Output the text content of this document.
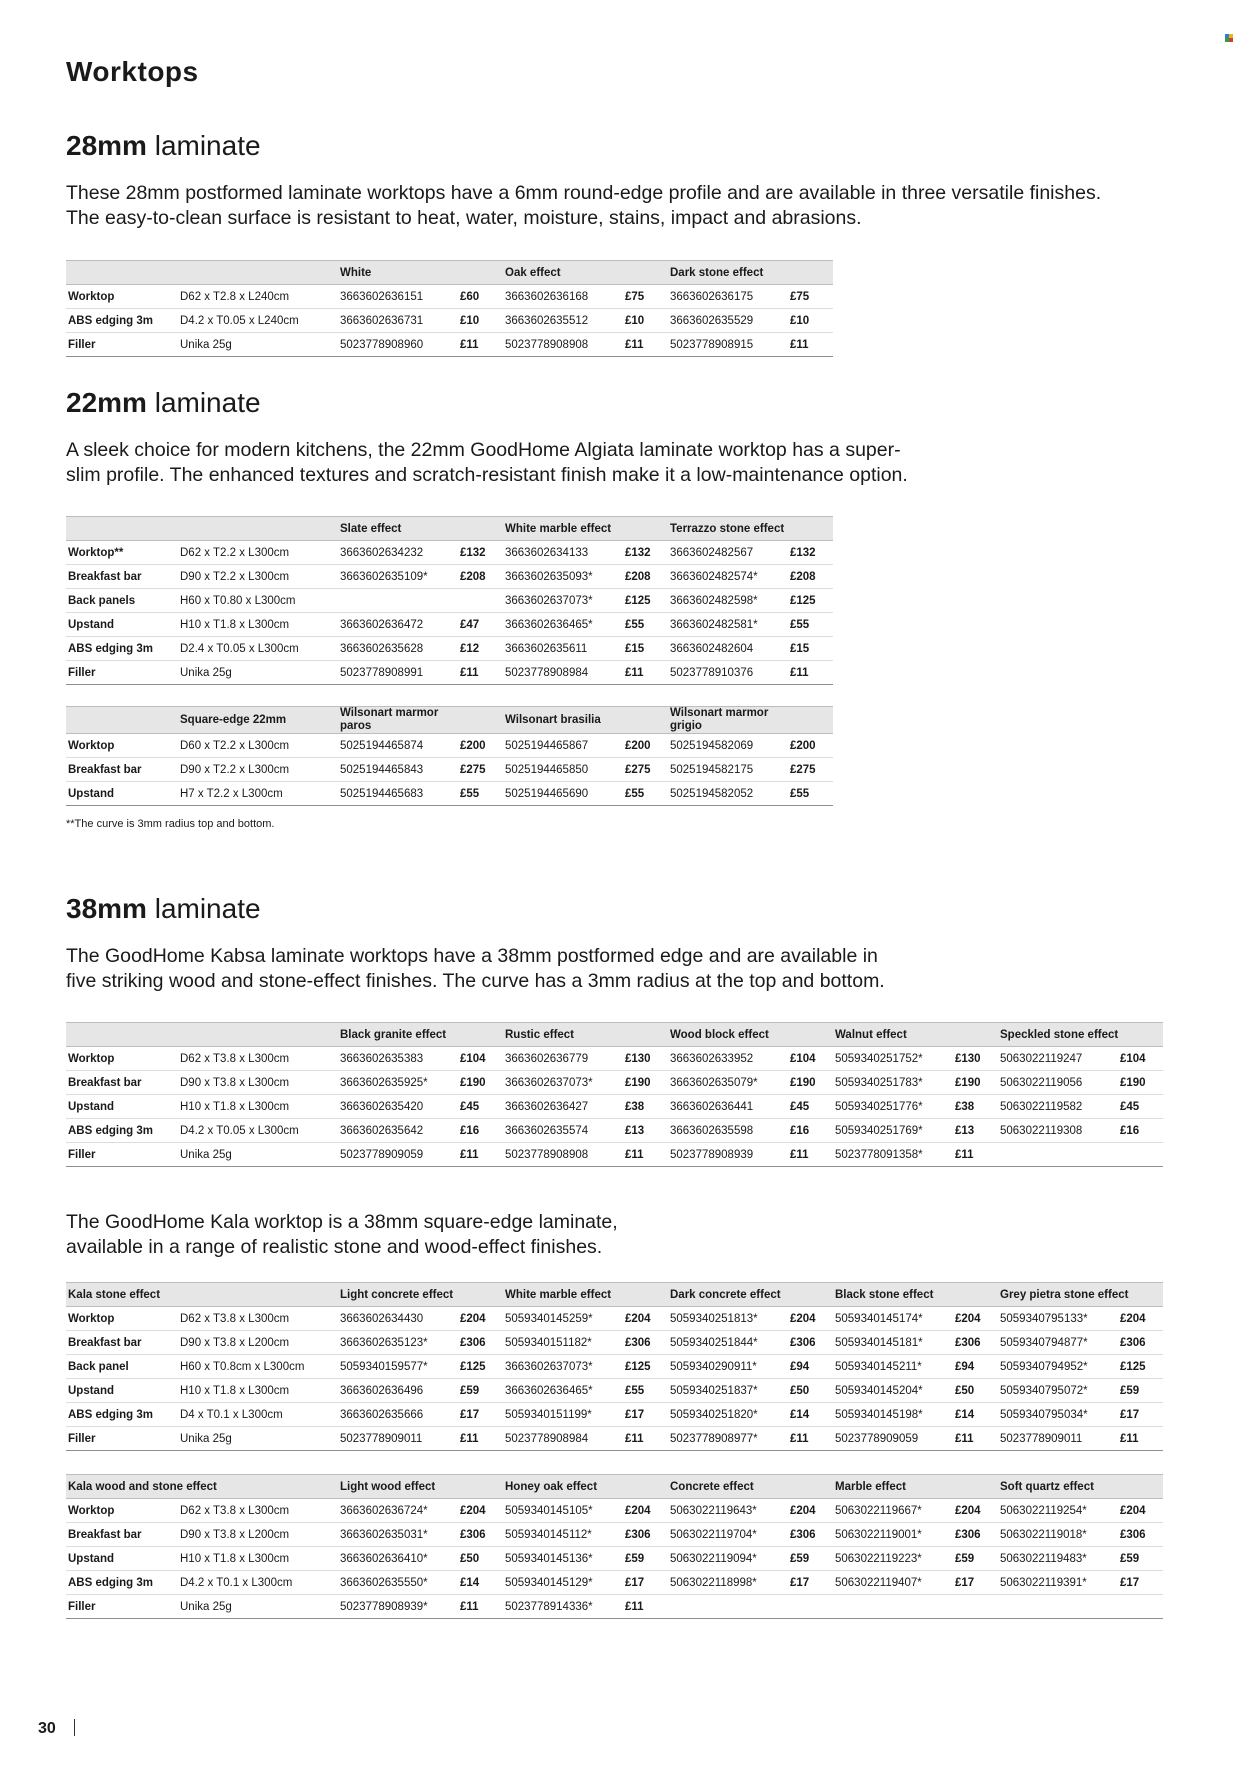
Worktops
28mm laminate

These 28mm postformed laminate worktops have a 6mm round-edge profile and are available in three versatile finishes. The easy-to-clean surface is resistant to heat, water, moisture, stains, impact and abrasions.

		White		Oak effect		Dark stone effect	
Worktop	D62 x T2.8 x L240cm	3663602636151	£60	3663602636168	£75	3663602636175	£75
ABS edging 3m	D4.2 x T0.05 x L240cm	3663602636731	£10	3663602635512	£10	3663602635529	£10
Filler	Unika 25g	5023778908960	£11	5023778908908	£11	5023778908915	£11
22mm laminate

A sleek choice for modern kitchens, the 22mm GoodHome Algiata laminate worktop has a super-
slim profile. The enhanced textures and scratch-resistant finish make it a low-maintenance option.

		Slate effect		White marble effect		Terrazzo stone effect	
Worktop**	D62 x T2.2 x L300cm	3663602634232	£132	3663602634133	£132	3663602482567	£132
Breakfast bar	D90 x T2.2 x L300cm	3663602635109*	£208	3663602635093*	£208	3663602482574*	£208
Back panels	H60 x T0.80 x L300cm			3663602637073*	£125	3663602482598*	£125
Upstand	H10 x T1.8 x L300cm	3663602636472	£47	3663602636465*	£55	3663602482581*	£55
ABS edging 3m	D2.4 x T0.05 x L300cm	3663602635628	£12	3663602635611	£15	3663602482604	£15
Filler	Unika 25g	5023778908991	£11	5023778908984	£11	5023778910376	£11
	Square-edge 22mm	Wilsonart marmor paros		Wilsonart brasilia		Wilsonart marmor grigio	
Worktop	D60 x T2.2 x L300cm	5025194465874	£200	5025194465867	£200	5025194582069	£200
Breakfast bar	D90 x T2.2 x L300cm	5025194465843	£275	5025194465850	£275	5025194582175	£275
Upstand	H7 x T2.2 x L300cm	5025194465683	£55	5025194465690	£55	5025194582052	£55

**The curve is 3mm radius top and bottom.

38mm laminate

The GoodHome Kabsa laminate worktops have a 38mm postformed edge and are available in
five striking wood and stone-effect finishes. The curve has a 3mm radius at the top and bottom.

		Black granite effect		Rustic effect		Wood block effect		Walnut effect		Speckled stone effect	
Worktop	D62 x T3.8 x L300cm	3663602635383	£104	3663602636779	£130	3663602633952	£104	5059340251752*	£130	5063022119247	£104
Breakfast bar	D90 x T3.8 x L300cm	3663602635925*	£190	3663602637073*	£190	3663602635079*	£190	5059340251783*	£190	5063022119056	£190
Upstand	H10 x T1.8 x L300cm	3663602635420	£45	3663602636427	£38	3663602636441	£45	5059340251776*	£38	5063022119582	£45
ABS edging 3m	D4.2 x T0.05 x L300cm	3663602635642	£16	3663602635574	£13	3663602635598	£16	5059340251769*	£13	5063022119308	£16
Filler	Unika 25g	5023778909059	£11	5023778908908	£11	5023778908939	£11	5023778091358*	£11		

The GoodHome Kala worktop is a 38mm square-edge laminate,
available in a range of realistic stone and wood-effect finishes.

Kala stone effect		Light concrete effect		White marble effect		Dark concrete effect		Black stone effect		Grey pietra stone effect	
Worktop	D62 x T3.8 x L300cm	3663602634430	£204	5059340145259*	£204	5059340251813*	£204	5059340145174*	£204	5059340795133*	£204
Breakfast bar	D90 x T3.8 x L200cm	3663602635123*	£306	5059340151182*	£306	5059340251844*	£306	5059340145181*	£306	5059340794877*	£306
Back panel	H60 x T0.8cm x L300cm	5059340159577*	£125	3663602637073*	£125	5059340290911*	£94	5059340145211*	£94	5059340794952*	£125
Upstand	H10 x T1.8 x L300cm	3663602636496	£59	3663602636465*	£55	5059340251837*	£50	5059340145204*	£50	5059340795072*	£59
ABS edging 3m	D4 x T0.1 x L300cm	3663602635666	£17	5059340151199*	£17	5059340251820*	£14	5059340145198*	£14	5059340795034*	£17
Filler	Unika 25g	5023778909011	£11	5023778908984	£11	5023778908977*	£11	5023778909059	£11	5023778909011	£11
Kala wood and stone effect		Light wood effect		Honey oak effect		Concrete effect		Marble effect		Soft quartz effect	
Worktop	D62 x T3.8 x L300cm	3663602636724*	£204	5059340145105*	£204	5063022119643*	£204	5063022119667*	£204	5063022119254*	£204
Breakfast bar	D90 x T3.8 x L200cm	3663602635031*	£306	5059340145112*	£306	5063022119704*	£306	5063022119001*	£306	5063022119018*	£306
Upstand	H10 x T1.8 x L300cm	3663602636410*	£50	5059340145136*	£59	5063022119094*	£59	5063022119223*	£59	5063022119483*	£59
ABS edging 3m	D4.2 x T0.1 x L300cm	3663602635550*	£14	5059340145129*	£17	5063022118998*	£17	5063022119407*	£17	5063022119391*	£17
Filler	Unika 25g	5023778908939*	£11	5023778914336*	£11						
30
